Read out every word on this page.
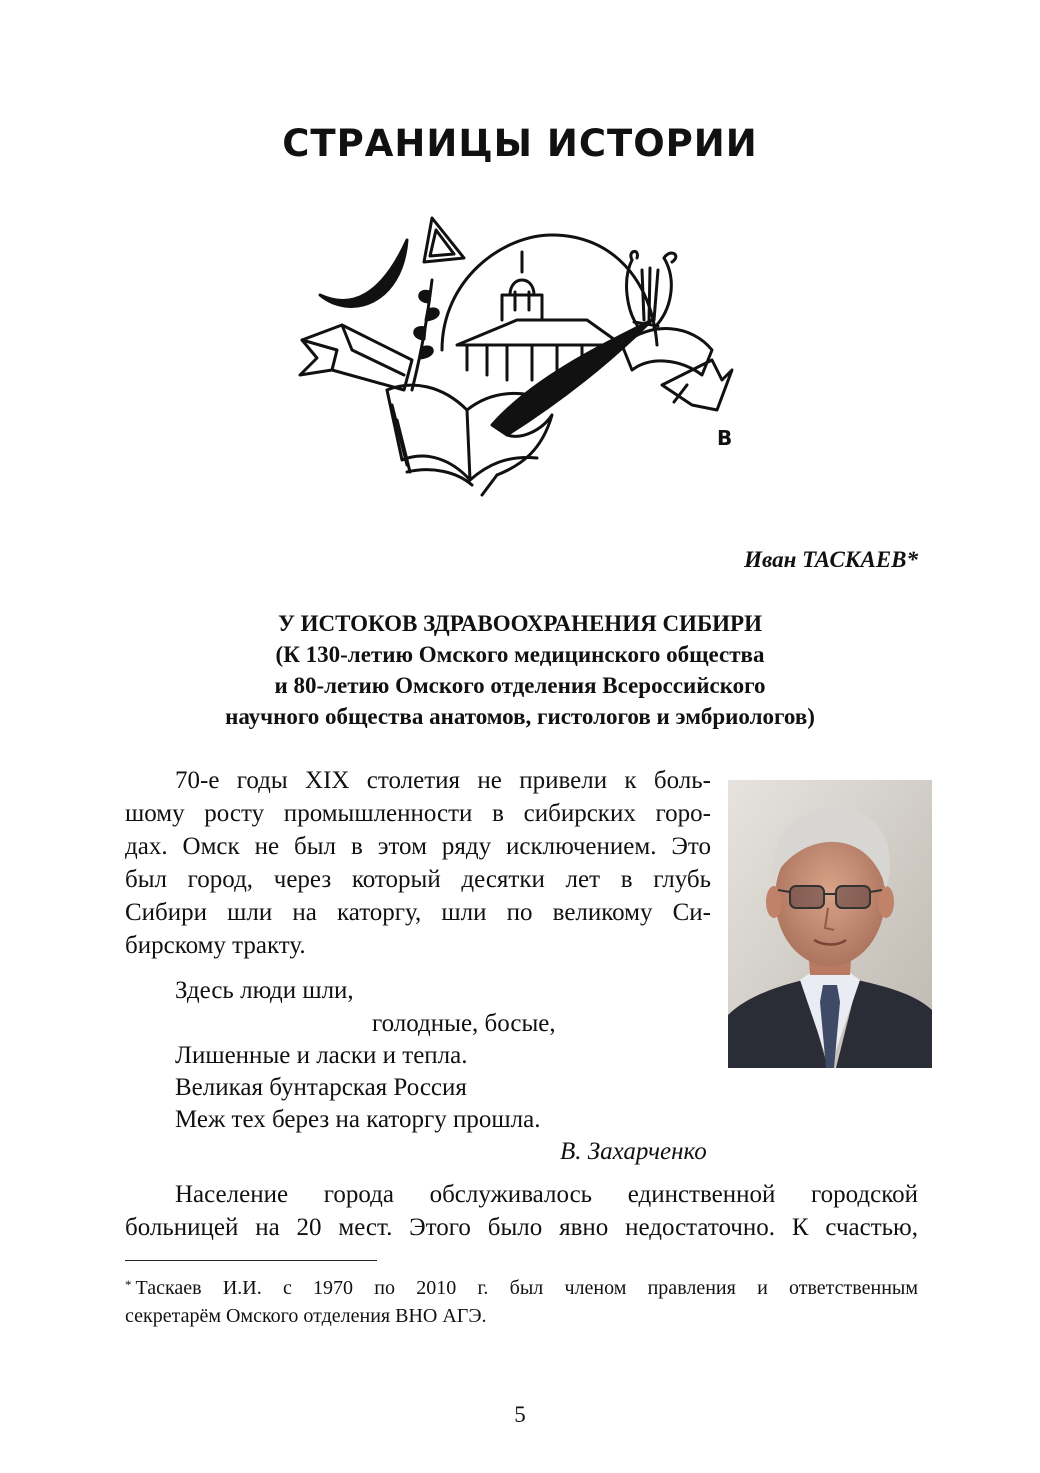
СТРАНИЦЫ ИСТОРИИ
В
Иван ТАСКАЕВ*
У ИСТОКОВ ЗДРАВООХРАНЕНИЯ СИБИРИ
(К 130-летию Омского медицинского общества
и 80-летию Омского отделения Всероссийского
научного общества анатомов, гистологов и эмбриологов)
70-е годы XIX столетия не привели к боль-
шому росту промышленности в сибирских горо-
дах. Омск не был в этом ряду исключением. Это
был город, через который десятки лет в глубь
Сибири шли на каторгу, шли по великому Си-
бирскому тракту.
Здесь люди шли,
голодные, босые,
Лишенные и ласки и тепла.
Великая бунтарская Россия
Меж тех берез на каторгу прошла.
В. Захарченко
Население города обслуживалось единственной городской
больницей на 20 мест. Этого было явно недостаточно. К счастью,
* Таскаев И.И. с 1970 по 2010 г. был членом правления и ответственным
секретарём Омского отделения ВНО АГЭ.
5
